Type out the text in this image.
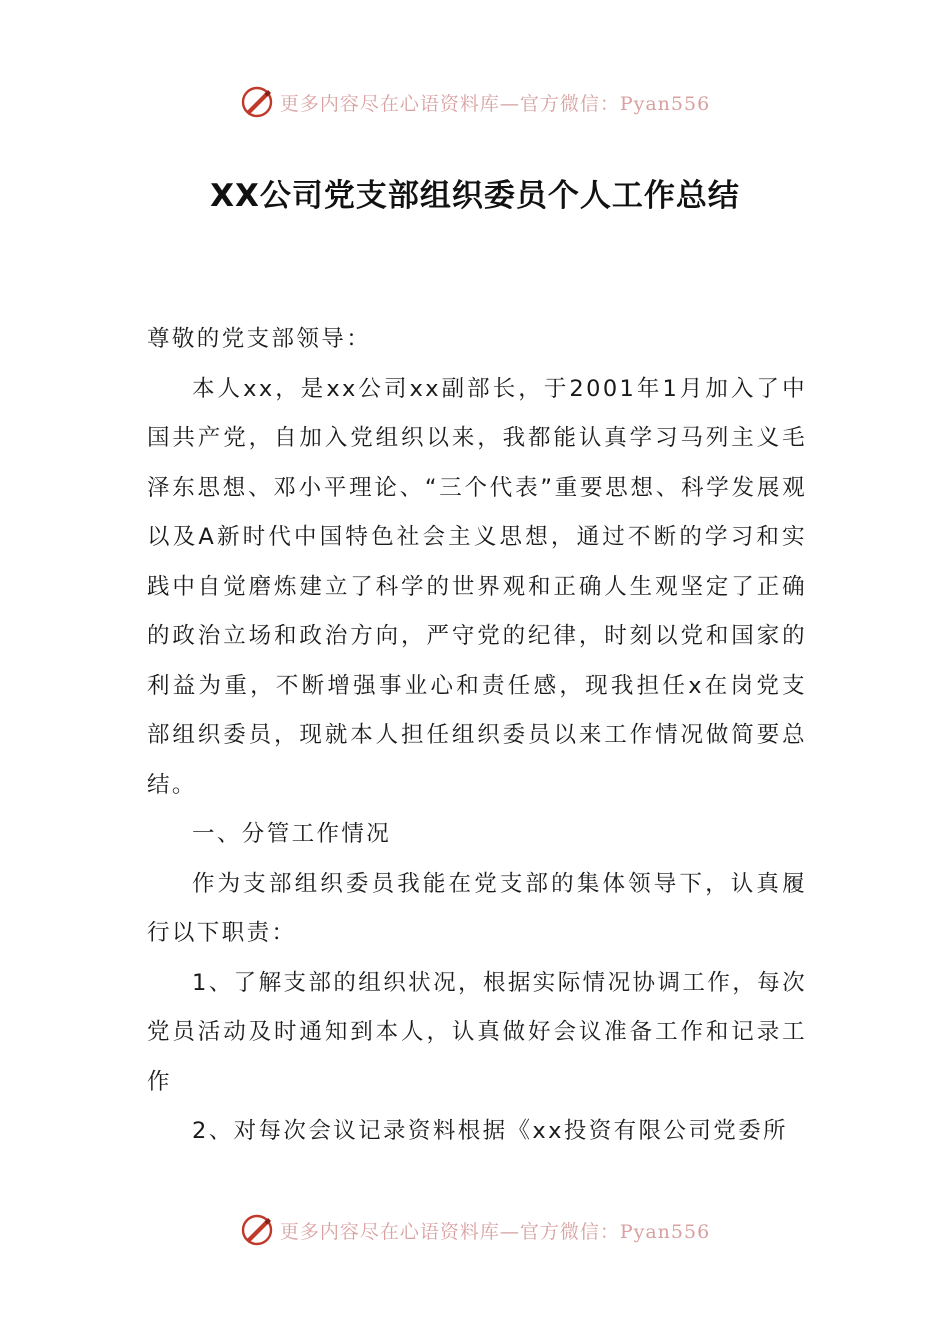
更多内容尽在心语资料库—官方微信：Pyan556
XX公司党支部组织委员个人工作总结

尊敬的党支部领导：

本人xx，是xx公司xx副部长，于2001年1月加入了中国共产党，自加入党组织以来，我都能认真学习马列主义毛泽东思想、邓小平理论、“三个代表”重要思想、科学发展观以及A新时代中国特色社会主义思想，通过不断的学习和实践中自觉磨炼建立了科学的世界观和正确人生观坚定了正确的政治立场和政治方向，严守党的纪律，时刻以党和国家的利益为重，不断增强事业心和责任感，现我担任x在岗党支部组织委员，现就本人担任组织委员以来工作情况做简要总结。

一、分管工作情况

作为支部组织委员我能在党支部的集体领导下，认真履行以下职责：

1、了解支部的组织状况，根据实际情况协调工作，每次党员活动及时通知到本人，认真做好会议准备工作和记录工作

2、对每次会议记录资料根据《xx投资有限公司党委所

更多内容尽在心语资料库—官方微信：Pyan556
